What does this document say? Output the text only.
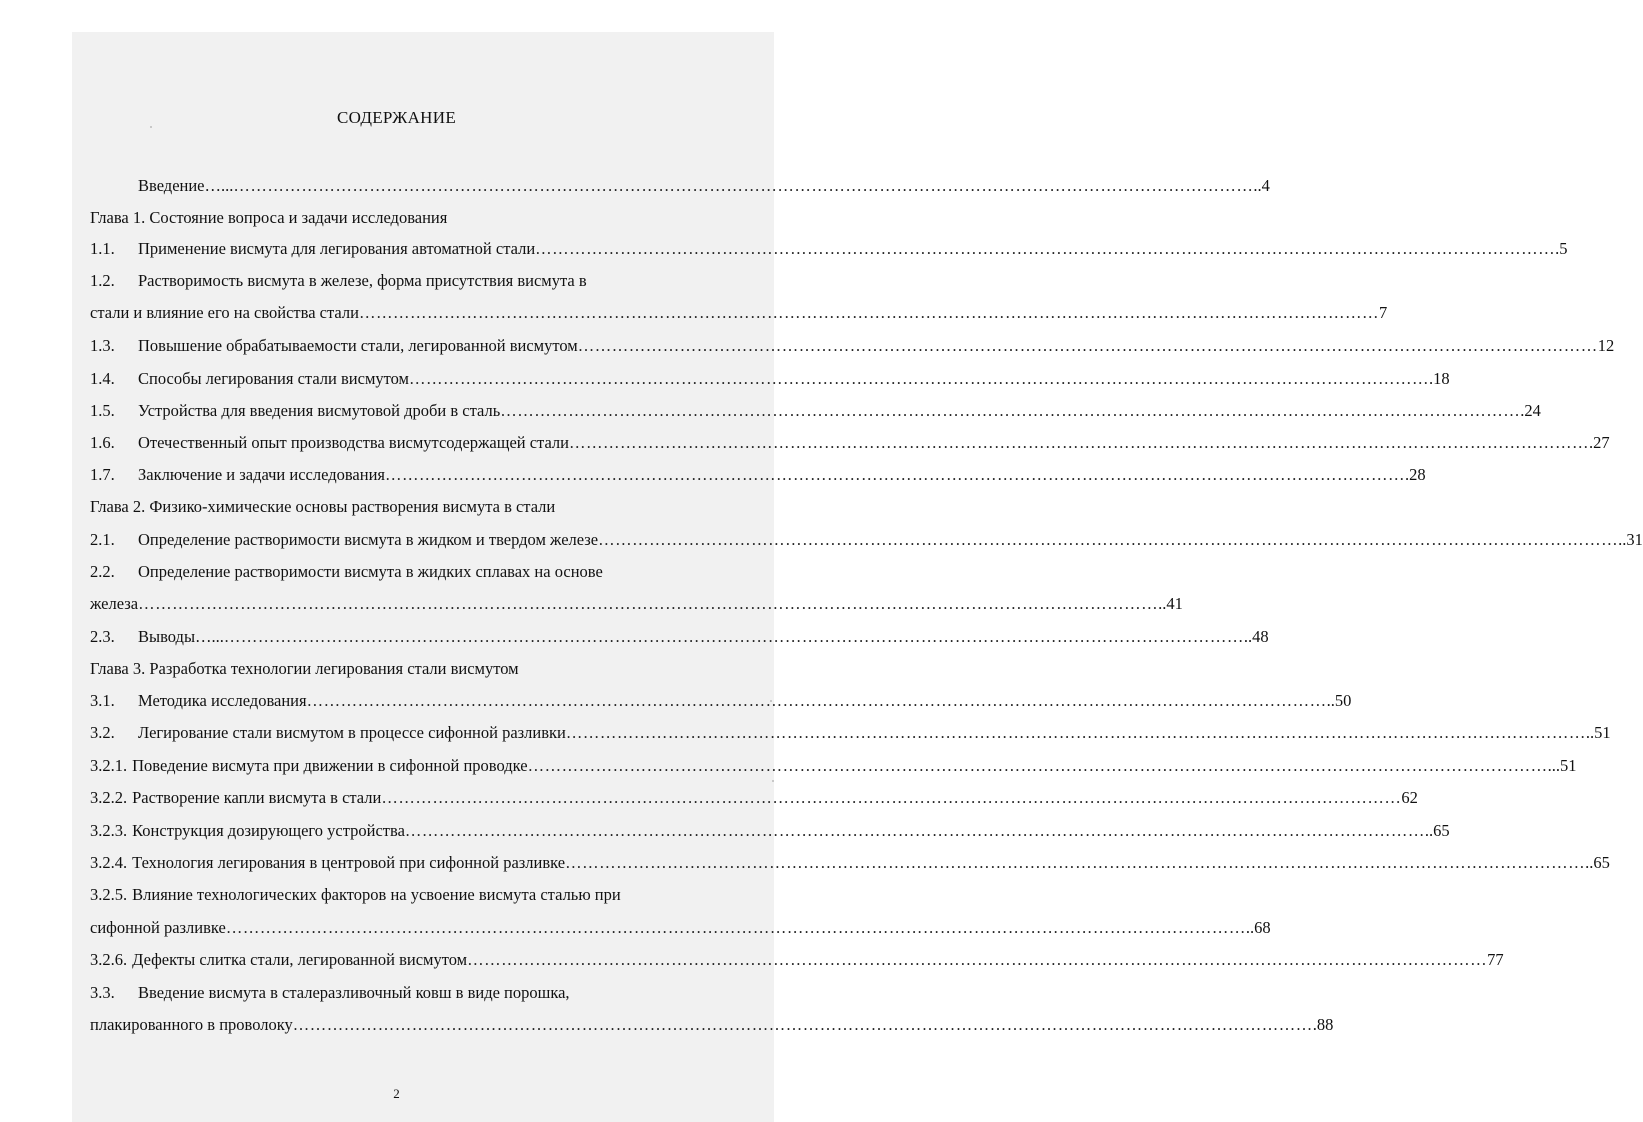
СОДЕРЖАНИЕ
Введение…... ………………………………………………………………………………………………………………………………………………………………	..4
Глава 1. Состояние вопроса и задачи исследования
1.1.	Применение висмута для легирования автоматной стали ………………………………………………………………………………………………………………………………………………………………	.5
1.2.	Растворимость висмута в железе, форма присутствия висмута в
стали и влияние его на свойства стали ………………………………………………………………………………………………………………………………………………………………	7
1.3.	Повышение обрабатываемости стали, легированной висмутом ………………………………………………………………………………………………………………………………………………………………	12
1.4.	Способы легирования стали висмутом ………………………………………………………………………………………………………………………………………………………………	.18
1.5.	Устройства для введения висмутовой дроби в сталь ………………………………………………………………………………………………………………………………………………………………	.24
1.6.	Отечественный опыт производства висмутсодержащей стали ………………………………………………………………………………………………………………………………………………………………	.27
1.7.	Заключение и задачи исследования ………………………………………………………………………………………………………………………………………………………………	.28
Глава 2. Физико-химические основы растворения висмута в стали
2.1.	Определение растворимости висмута в жидком и твердом железе ………………………………………………………………………………………………………………………………………………………………	..31
2.2.	Определение растворимости висмута в жидких сплавах на основе
железа ………………………………………………………………………………………………………………………………………………………………	..41
2.3.	Выводы…... ………………………………………………………………………………………………………………………………………………………………	..48
Глава 3. Разработка технологии легирования стали висмутом
3.1.	Методика исследования ………………………………………………………………………………………………………………………………………………………………	..50
3.2.	Легирование стали висмутом в процессе сифонной разливки ………………………………………………………………………………………………………………………………………………………………	..51
3.2.1. Поведение висмута при движении в сифонной проводке ………………………………………………………………………………………………………………………………………………………………	...51
3.2.2. Растворение капли висмута в стали ………………………………………………………………………………………………………………………………………………………………	62
3.2.3. Конструкция дозирующего устройства ………………………………………………………………………………………………………………………………………………………………	..65
3.2.4. Технология легирования в центровой при сифонной разливке ………………………………………………………………………………………………………………………………………………………………	..65
3.2.5. Влияние технологических факторов на усвоение висмута сталью при
сифонной разливке ………………………………………………………………………………………………………………………………………………………………	..68
3.2.6. Дефекты слитка стали, легированной висмутом ………………………………………………………………………………………………………………………………………………………………	77
3.3.	Введение висмута в сталеразливочный ковш в виде порошка,
плакированного в проволоку ………………………………………………………………………………………………………………………………………………………………	.88
2
